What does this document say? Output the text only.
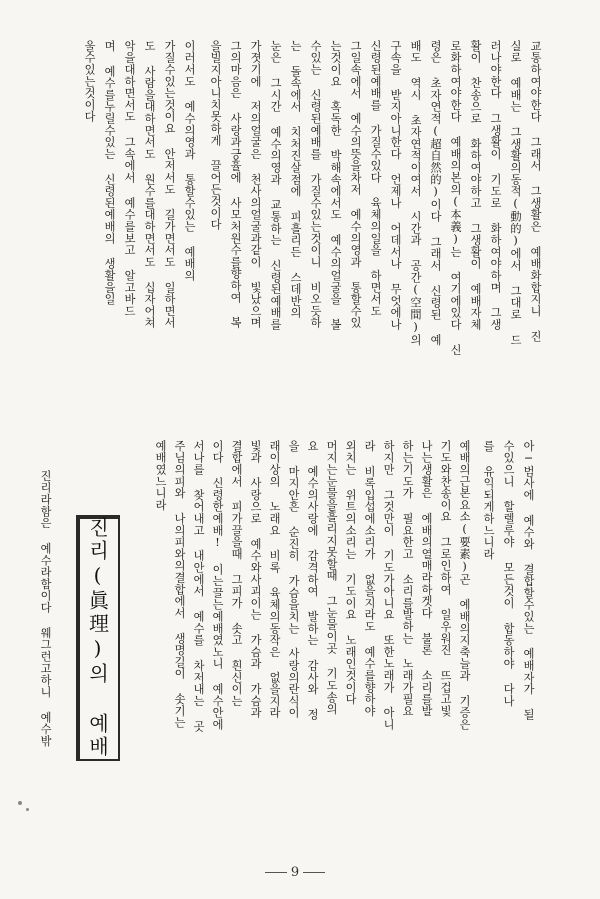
교통하여야한다 그래서 그생활은 예배화합지니 진
실로 예배는 그생활의동적(動的)에서 그대로 드
러나야한다 그생활이 기도로 화하여야하며 그생
활이 찬송으로 화하여야하고 그생활이 예배자체
로화하여야한다 예배의본의(本義)는 여기에있다 신
령은 초자연적(超自然的)이다 그래서 신령된 예
배도 역시 초자연적이여서 시간과 공간(空間)의
구속을 받지아니한다 언제나 어데서나 무엇에나
신령된예배를 가질수있다 육체의일을 하면서도
그일속에서 예수의뜻을차저 예수의영과 통할수있
는것이요 혹독한 박해속에서도 예수의얼굴을 볼
수있는 신령된예배를 가질수있는것이니 비오듯하
는 돌속에서 치처진살점에 피흘리든 스데반의
눈은 그시간 예수의영과 교통하는 신령된예배를
가졋기에 저의얼굴은 천사의얼굴과같이 빛났으며
그의마음은 사랑과긍휼에 사모처원수를향하여 복
을빌지아니치못하게 끌어든것이다
이러서도 예수의영과 통할수있는 예배의
가질수있는것이요 안저서도 길가면서도 일하면서
도 사람을대하면서도 원수를대하면서도 십자어쳐
악을대하면서도 그속에서 예수를보고 알고바드
며 예수를누릴수있는 신령된예배의 생활을일
울수있는것이다
아─범사에 예수와 결합할수있는 예배자가 될
수있으니 할렐루야 모든것이 합동하야 다나
를 유익되게하느니라
예배의근본요소(要素)곤 예배의지축늘과 기증은
기도와찬송이요 그로인하여 일우워진 뜨겁고빛
나는생활은 예배의열매라하겟다 불론 소리를발
하는기도가 필요한고 소리를발하는 노래가필요
하지만 그것만이 기도가아니요 또한노래가 아니
라 비록입섭에소리가 없을지라도 예수를향하야
외치는 위트의소리는 기도이요 노래인것이다
머지는눈물을흘리지못할때 그눈물이곳 기도송의
요 예수의사랑에 감격하여 발하는 감사와 정
을 마지안흔 순진히 가슴을치는 사랑의란식이
래이상의 노래요 비록 육체의동작은 없을지라
빛과 사랑으로 예수와사괴이는 가슴과 가슴과
결합에서 피가끌을때 그피가 솟고 흰신이는
이다 신령한예배! 이는끌는예배였노니 예수안에
서나를 찾어내고 내안에서 예수를 차저내는 곳
주님의피와 나의피와의결합에서 생명길이 솟기는
예배였느니라
진리(眞理)의 예배
진리라함은 예수라함이다 웨그런고하니 예수밖
9
